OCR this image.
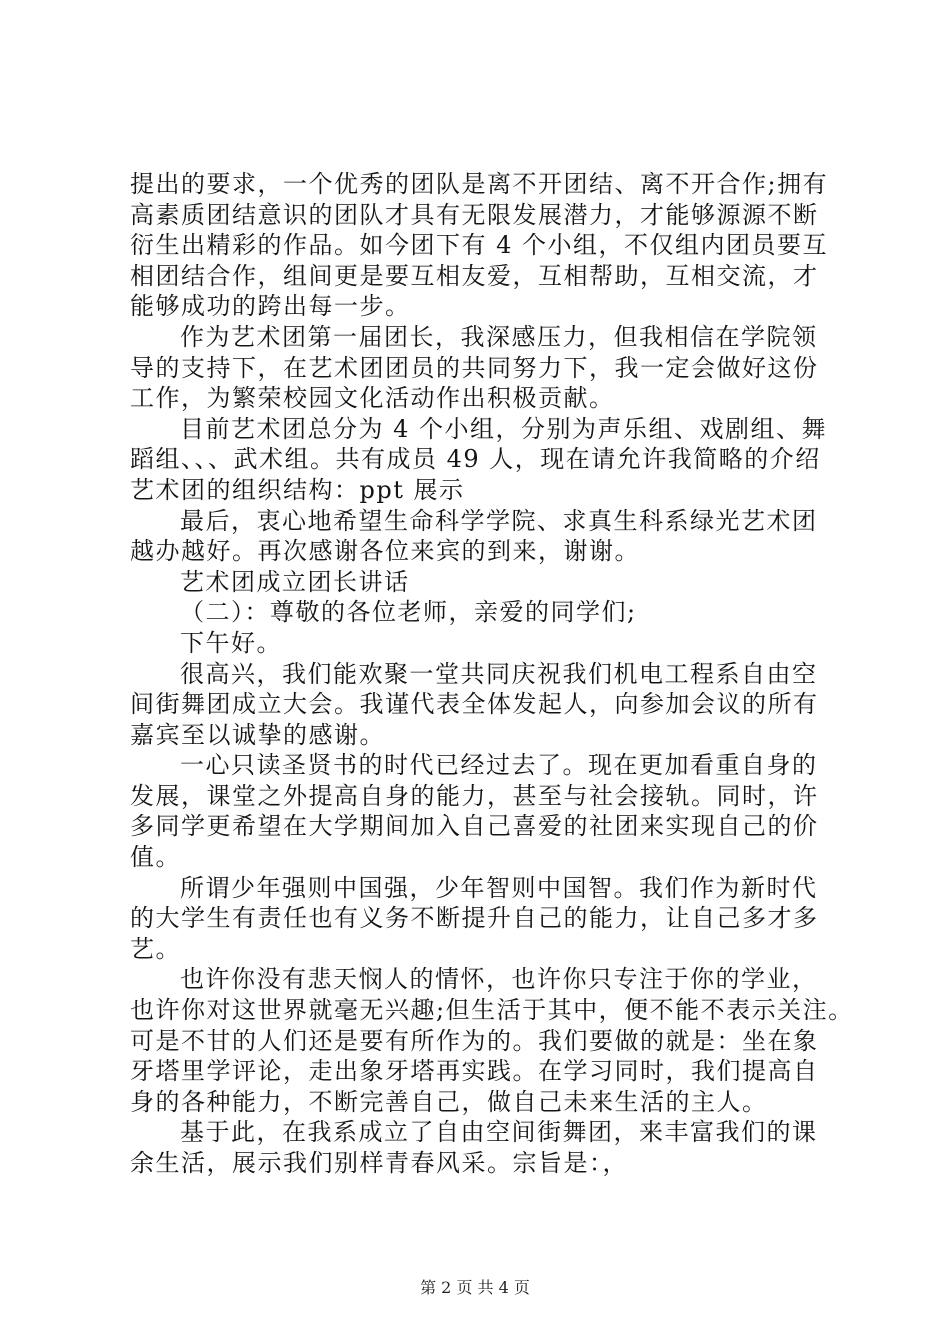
提出的要求，一个优秀的团队是离不开团结、离不开合作;拥有
高素质团结意识的团队才具有无限发展潜力，才能够源源不断
衍生出精彩的作品。如今团下有 4 个小组，不仅组内团员要互
相团结合作，组间更是要互相友爱，互相帮助，互相交流，才
能够成功的跨出每一步。
作为艺术团第一届团长，我深感压力，但我相信在学院领
导的支持下，在艺术团团员的共同努力下，我一定会做好这份
工作，为繁荣校园文化活动作出积极贡献。
目前艺术团总分为 4 个小组，分别为声乐组、戏剧组、舞
蹈组、、、武术组。共有成员 49 人，现在请允许我简略的介绍
艺术团的组织结构：ppt 展示
最后，衷心地希望生命科学学院、求真生科系绿光艺术团
越办越好。再次感谢各位来宾的到来，谢谢。
艺术团成立团长讲话
（二）：尊敬的各位老师，亲爱的同学们;
下午好。
很高兴，我们能欢聚一堂共同庆祝我们机电工程系自由空
间街舞团成立大会。我谨代表全体发起人，向参加会议的所有
嘉宾至以诚挚的感谢。
一心只读圣贤书的时代已经过去了。现在更加看重自身的
发展，课堂之外提高自身的能力，甚至与社会接轨。同时，许
多同学更希望在大学期间加入自己喜爱的社团来实现自己的价
值。
所谓少年强则中国强，少年智则中国智。我们作为新时代
的大学生有责任也有义务不断提升自己的能力，让自己多才多
艺。
也许你没有悲天悯人的情怀，也许你只专注于你的学业，
也许你对这世界就毫无兴趣;但生活于其中，便不能不表示关注。
可是不甘的人们还是要有所作为的。我们要做的就是：坐在象
牙塔里学评论，走出象牙塔再实践。在学习同时，我们提高自
身的各种能力，不断完善自己，做自己未来生活的主人。
基于此，在我系成立了自由空间街舞团，来丰富我们的课
余生活，展示我们别样青春风采。宗旨是：，
第 2 页 共 4 页
